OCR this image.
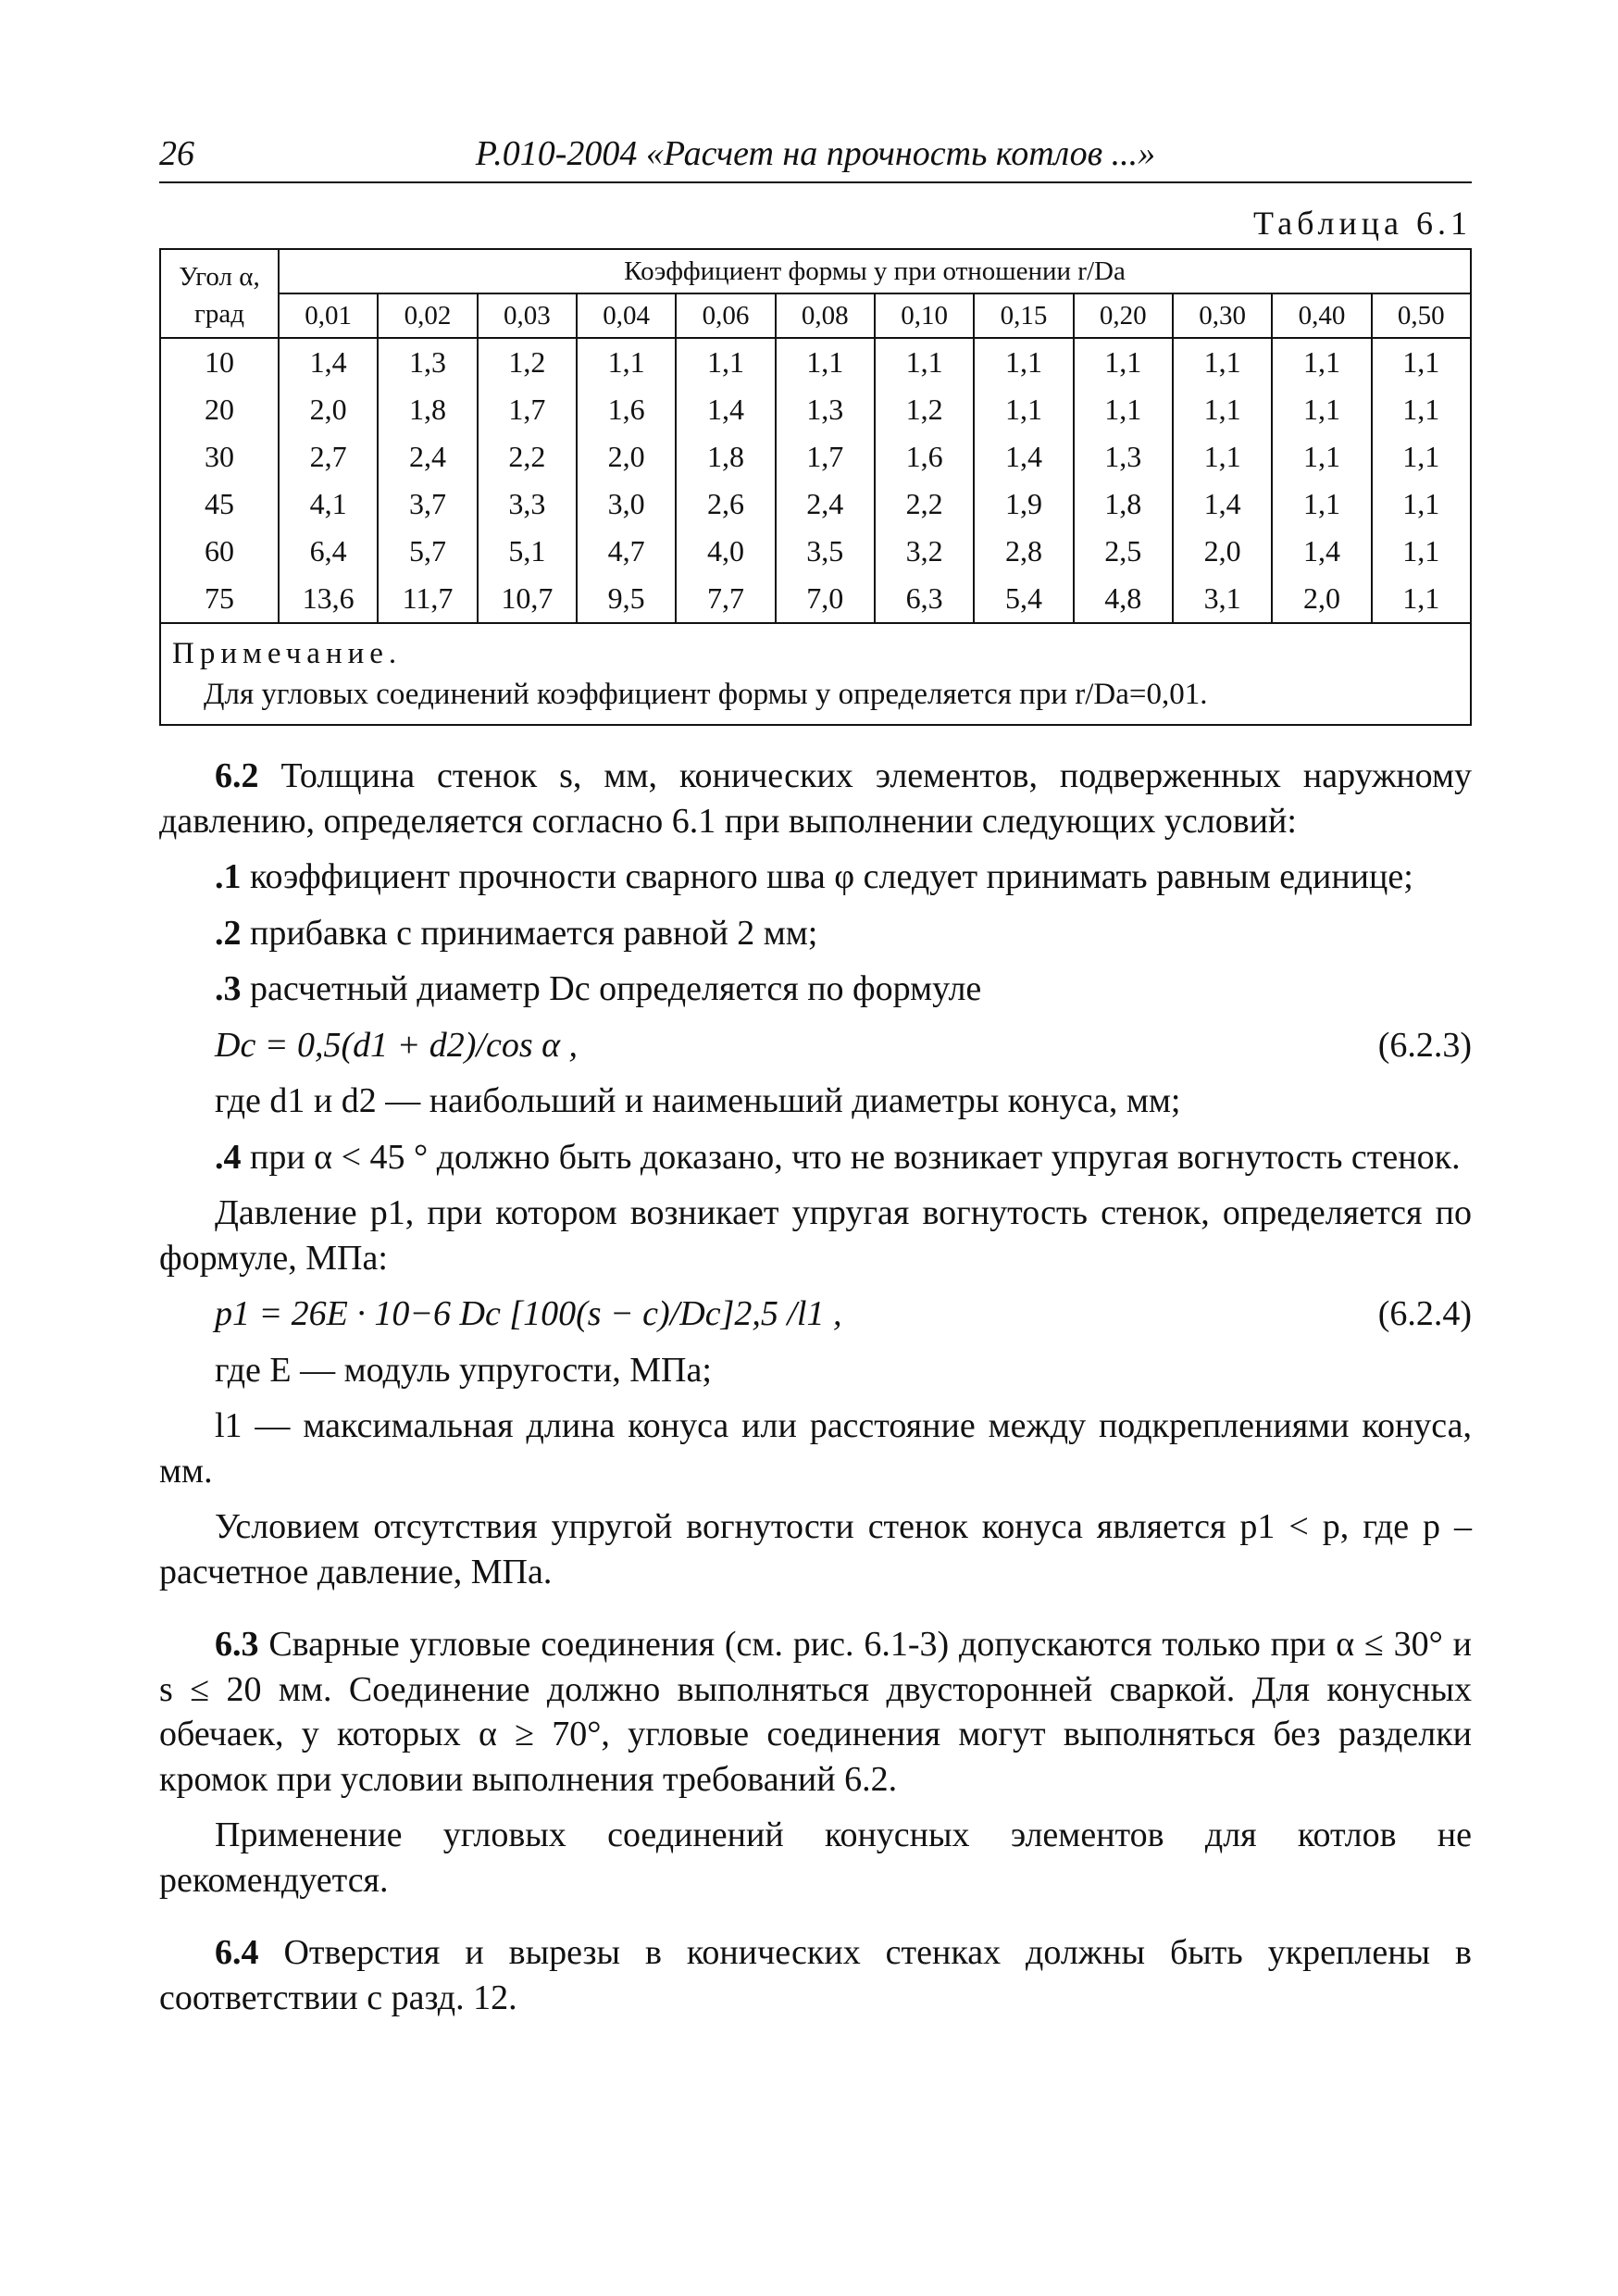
26	Р.010-2004 «Расчет на прочность котлов ...»
Таблица 6.1
Угол α, град	Коэффициент формы y при отношении r/Da											
	0,01	0,02	0,03	0,04	0,06	0,08	0,10	0,15	0,20	0,30	0,40	0,50
10	1,4	1,3	1,2	1,1	1,1	1,1	1,1	1,1	1,1	1,1	1,1	1,1
20	2,0	1,8	1,7	1,6	1,4	1,3	1,2	1,1	1,1	1,1	1,1	1,1
30	2,7	2,4	2,2	2,0	1,8	1,7	1,6	1,4	1,3	1,1	1,1	1,1
45	4,1	3,7	3,3	3,0	2,6	2,4	2,2	1,9	1,8	1,4	1,1	1,1
60	6,4	5,7	5,1	4,7	4,0	3,5	3,2	2,8	2,5	2,0	1,4	1,1
75	13,6	11,7	10,7	9,5	7,7	7,0	6,3	5,4	4,8	3,1	2,0	1,1

Примечание.
Для угловых соединений коэффициент формы y определяется при r/Da=0,01.												

6.2 Толщина стенок s, мм, конических элементов, подверженных наружному давлению, определяется согласно 6.1 при выполнении следующих условий:

.1 коэффициент прочности сварного шва φ следует принимать равным единице;

.2 прибавка c принимается равной 2 мм;

.3 расчетный диаметр Dc определяется по формуле

Dc = 0,5(d1 + d2)/cos α ,	(6.2.3)

где d1 и d2 — наибольший и наименьший диаметры конуса, мм;

.4 при α < 45 ° должно быть доказано, что не возникает упругая вогнутость стенок.

Давление p1, при котором возникает упругая вогнутость стенок, определяется по формуле, МПа:

p1 = 26E · 10−6 Dc [100(s − c)/Dc]2,5 /l1 ,	(6.2.4)

где E — модуль упругости, МПа;

l1 — максимальная длина конуса или расстояние между подкреплениями конуса, мм.

Условием отсутствия упругой вогнутости стенок конуса является p1 < p, где p – расчетное давление, МПа.

6.3 Сварные угловые соединения (см. рис. 6.1-3) допускаются только при α ≤ 30° и s ≤ 20 мм. Соединение должно выполняться двусторонней сваркой. Для конусных обечаек, у которых α ≥ 70°, угловые соединения могут выполняться без разделки кромок при условии выполнения требований 6.2.

Применение угловых соединений конусных элементов для котлов не рекомендуется.

6.4 Отверстия и вырезы в конических стенках должны быть укреплены в соответствии с разд. 12.
